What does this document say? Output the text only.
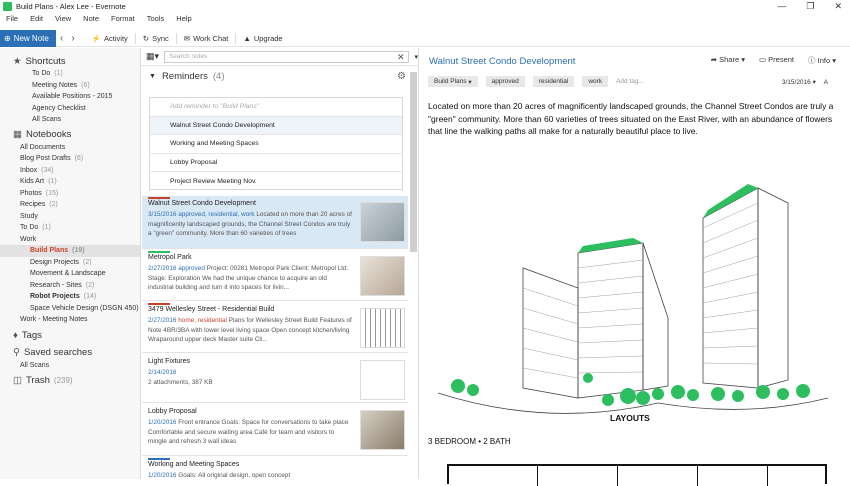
Build Plans - Alex Lee - Evernote	— ❐ ✕
File	Edit	View	Note	Format	Tools	Help
⊕ New Note	‹ ›	⚡ Activity ↻ Sync ✉ Work Chat ▲ Upgrade
★ Shortcuts
To Do (1)
Meeting Notes (6)
Available Positions - 2015
Agency Checklist
All Scans
▦ Notebooks
All Documents
Blog Post Drafts (6)
Inbox (34)
Kids Art (1)
Photos (15)
Recipes (2)
Study
To Do (1)
Work
Build Plans (19)
Design Projects (2)
Movement & Landscape
Research - Sites (2)
Robot Projects (14)
Space Vehicle Design (DSGN 450)
Work - Meeting Notes
♦ Tags
⚲ Saved searches
All Scans
◫ Trash (239)
▦▾ Search notes	✕ ▾
▼ Reminders (4)	⚙
Add reminder to "Build Plans"
Walnut Street Condo Development
Working and Meeting Spaces
Lobby Proposal
Project Review Meeting Nov.
Walnut Street Condo Development
3/15/2016 approved, residential, work Located on more than 20 acres of magnificently landscaped grounds, the Channel Street Condos are truly a "green" community. More than 60 varieties of trees
Metropol Park
2/27/2016 approved Project: 00281 Metropol Park Client: Metropol Ltd. Stage: Exploration We had the unique chance to acquire an old industrial building and turn it into spaces for livin...
3479 Wellesley Street - Residential Build
2/27/2016 home, residential Plans for Wellesley Street Build Features of Note 4BR/3BA with lower level living space Open concept kitchen/living Wraparound upper deck Master suite Cli...
Light Fixtures
2/14/2016
2 attachments, 387 KB
Lobby Proposal
1/20/2016 Front entrance Goals: Space for conversations to take place Comfortable and secure waiting area Café for team and visitors to mingle and refresh 3 wall ideas
Working and Meeting Spaces
1/20/2016 Goals: All original design, open concept
Walnut Street Condo Development	➦ Share ▾ ▭ Present ⓘ Info ▾
Build Plans ▾	approved	residential	work	Add tag...	3/15/2016 ▾ A
Located on more than 20 acres of magnificently landscaped grounds, the Channel Street Condos are truly a "green" community. More than 60 varieties of trees situated on the East River, with an abundance of flowers that line the walking paths all make for a naturally beautiful place to live.
LAYOUTS
3 BEDROOM • 2 BATH
